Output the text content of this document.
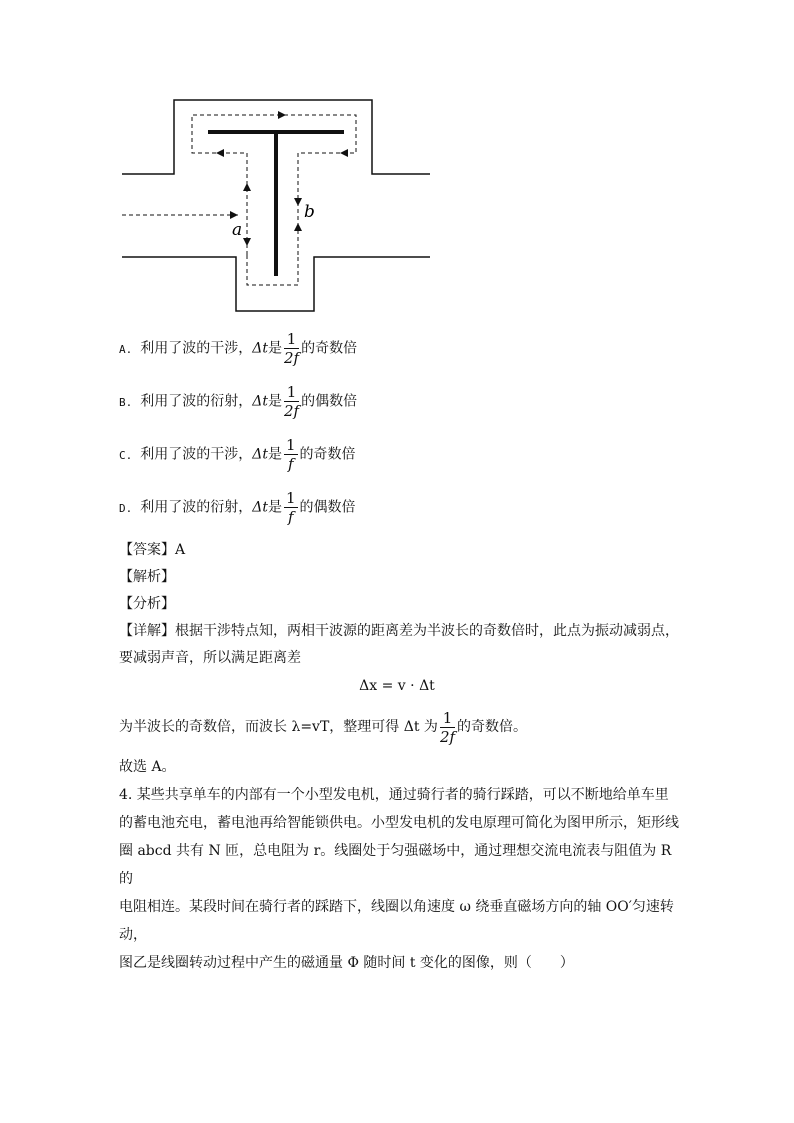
a
b
A. 利用了波的干涉，Δt是 $\frac{1}{2f}$ 的奇数倍
B. 利用了波的衍射，Δt是 $\frac{1}{2f}$ 的偶数倍
C. 利用了波的干涉，Δt是 $\frac{1}{f}$ 的奇数倍
D. 利用了波的衍射，Δt是 $\frac{1}{f}$ 的偶数倍
【答案】A
【解析】
【分析】
【详解】根据干涉特点知，两相干波源的距离差为半波长的奇数倍时，此点为振动减弱点，
要减弱声音，所以满足距离差
Δx = v · Δt
为半波长的奇数倍，而波长 λ=vT，整理可得 Δt 为 $\frac{1}{2f}$ 的奇数倍。
故选 A。
4. 某些共享单车的内部有一个小型发电机，通过骑行者的骑行踩踏，可以不断地给单车里
的蓄电池充电，蓄电池再给智能锁供电。小型发电机的发电原理可简化为图甲所示，矩形线
圈 abcd 共有 N 匝，总电阻为 r。线圈处于匀强磁场中，通过理想交流电流表与阻值为 R 的
电阻相连。某段时间在骑行者的踩踏下，线圈以角速度 ω 绕垂直磁场方向的轴 OO′匀速转动，
图乙是线圈转动过程中产生的磁通量 Φ 随时间 t 变化的图像，则（　　）
